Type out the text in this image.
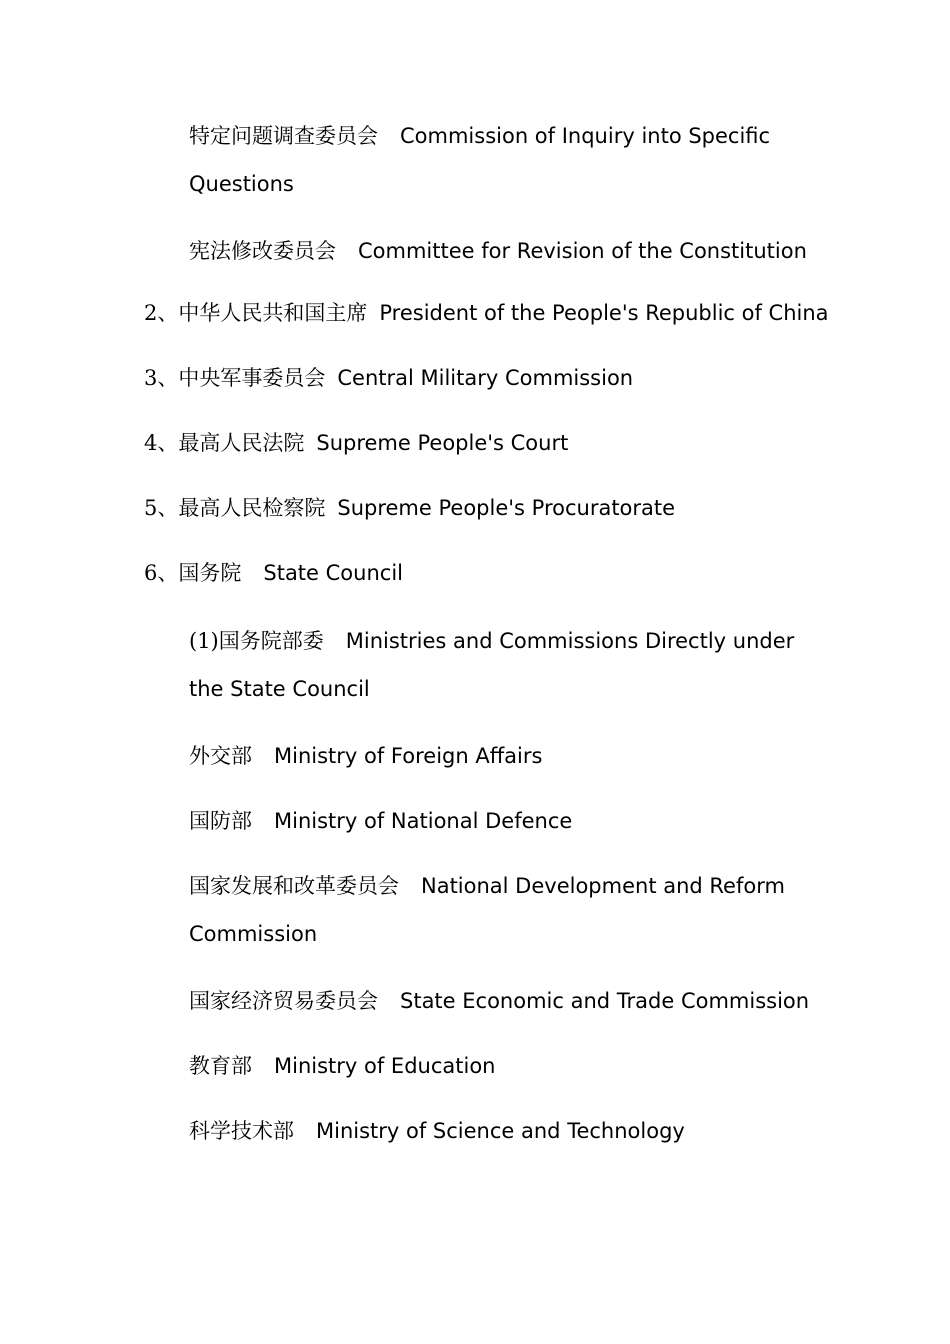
特定问题调查委员会 Commission of Inquiry into Specific Questions
宪法修改委员会 Committee for Revision of the Constitution
2、中华人民共和国主席 President of the People's Republic of China
3、中央军事委员会 Central Military Commission
4、最高人民法院 Supreme People's Court
5、最高人民检察院 Supreme People's Procuratorate
6、国务院 State Council
(1)国务院部委 Ministries and Commissions Directly under the State Council
外交部 Ministry of Foreign Affairs
国防部 Ministry of National Defence
国家发展和改革委员会 National Development and Reform Commission
国家经济贸易委员会 State Economic and Trade Commission
教育部 Ministry of Education
科学技术部 Ministry of Science and Technology
